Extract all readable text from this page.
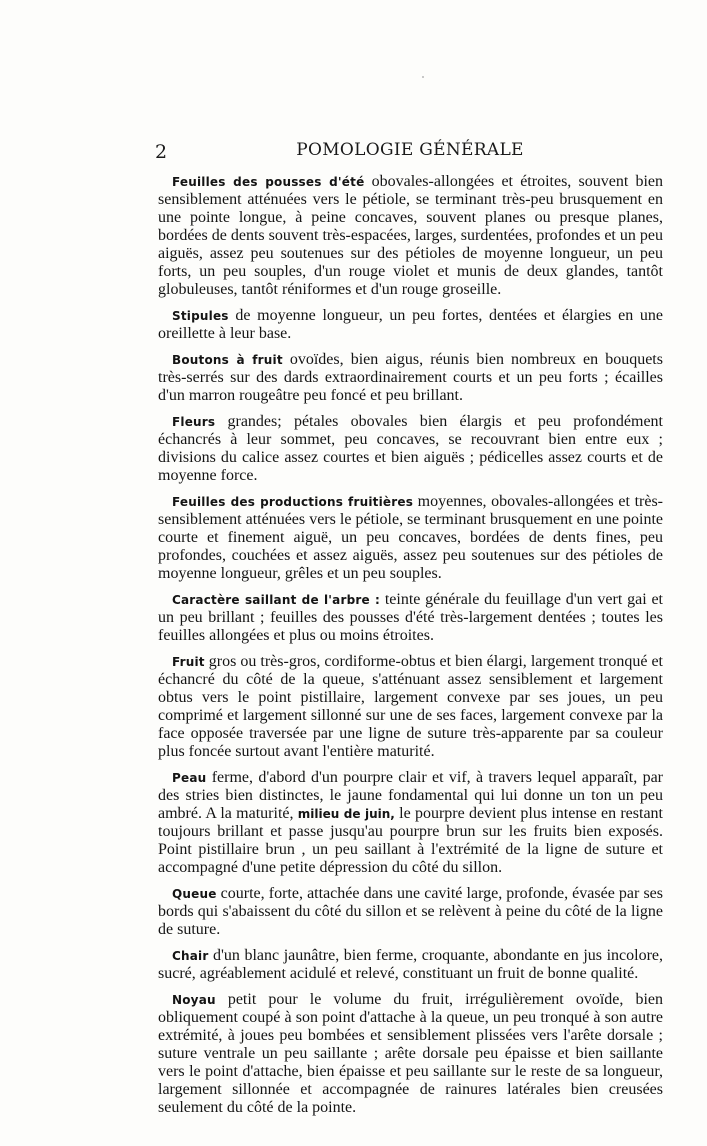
2	POMOLOGIE GÉNÉRALE

Feuilles des pousses d'été obovales-allongées et étroites, souvent bien sensiblement atténuées vers le pétiole, se terminant très-peu brusquement en une pointe longue, à peine concaves, souvent planes ou presque planes, bordées de dents souvent très-espacées, larges, surdentées, profondes et un peu aiguës, assez peu soutenues sur des pétioles de moyenne longueur, un peu forts, un peu souples, d'un rouge violet et munis de deux glandes, tantôt globuleuses, tantôt réniformes et d'un rouge groseille.

Stipules de moyenne longueur, un peu fortes, dentées et élargies en une oreillette à leur base.

Boutons à fruit ovoïdes, bien aigus, réunis bien nombreux en bouquets très-serrés sur des dards extraordinairement courts et un peu forts ; écailles d'un marron rougeâtre peu foncé et peu brillant.

Fleurs grandes; pétales obovales bien élargis et peu profondément échancrés à leur sommet, peu concaves, se recouvrant bien entre eux ; divisions du calice assez courtes et bien aiguës ; pédicelles assez courts et de moyenne force.

Feuilles des productions fruitières moyennes, obovales-allongées et très-sensiblement atténuées vers le pétiole, se terminant brusquement en une pointe courte et finement aiguë, un peu concaves, bordées de dents fines, peu profondes, couchées et assez aiguës, assez peu soutenues sur des pétioles de moyenne longueur, grêles et un peu souples.

Caractère saillant de l'arbre : teinte générale du feuillage d'un vert gai et un peu brillant ; feuilles des pousses d'été très-largement dentées ; toutes les feuilles allongées et plus ou moins étroites.

Fruit gros ou très-gros, cordiforme-obtus et bien élargi, largement tronqué et échancré du côté de la queue, s'atténuant assez sensiblement et largement obtus vers le point pistillaire, largement convexe par ses joues, un peu comprimé et largement sillonné sur une de ses faces, largement convexe par la face opposée traversée par une ligne de suture très-apparente par sa couleur plus foncée surtout avant l'entière maturité.

Peau ferme, d'abord d'un pourpre clair et vif, à travers lequel apparaît, par des stries bien distinctes, le jaune fondamental qui lui donne un ton un peu ambré. A la maturité, milieu de juin, le pourpre devient plus intense en restant toujours brillant et passe jusqu'au pourpre brun sur les fruits bien exposés. Point pistillaire brun , un peu saillant à l'extrémité de la ligne de suture et accompagné d'une petite dépression du côté du sillon.

Queue courte, forte, attachée dans une cavité large, profonde, évasée par ses bords qui s'abaissent du côté du sillon et se relèvent à peine du côté de la ligne de suture.

Chair d'un blanc jaunâtre, bien ferme, croquante, abondante en jus incolore, sucré, agréablement acidulé et relevé, constituant un fruit de bonne qualité.

Noyau petit pour le volume du fruit, irrégulièrement ovoïde, bien obliquement coupé à son point d'attache à la queue, un peu tronqué à son autre extrémité, à joues peu bombées et sensiblement plissées vers l'arête dorsale ; suture ventrale un peu saillante ; arête dorsale peu épaisse et bien saillante vers le point d'attache, bien épaisse et peu saillante sur le reste de sa longueur, largement sillonnée et accompagnée de rainures latérales bien creusées seulement du côté de la pointe.
